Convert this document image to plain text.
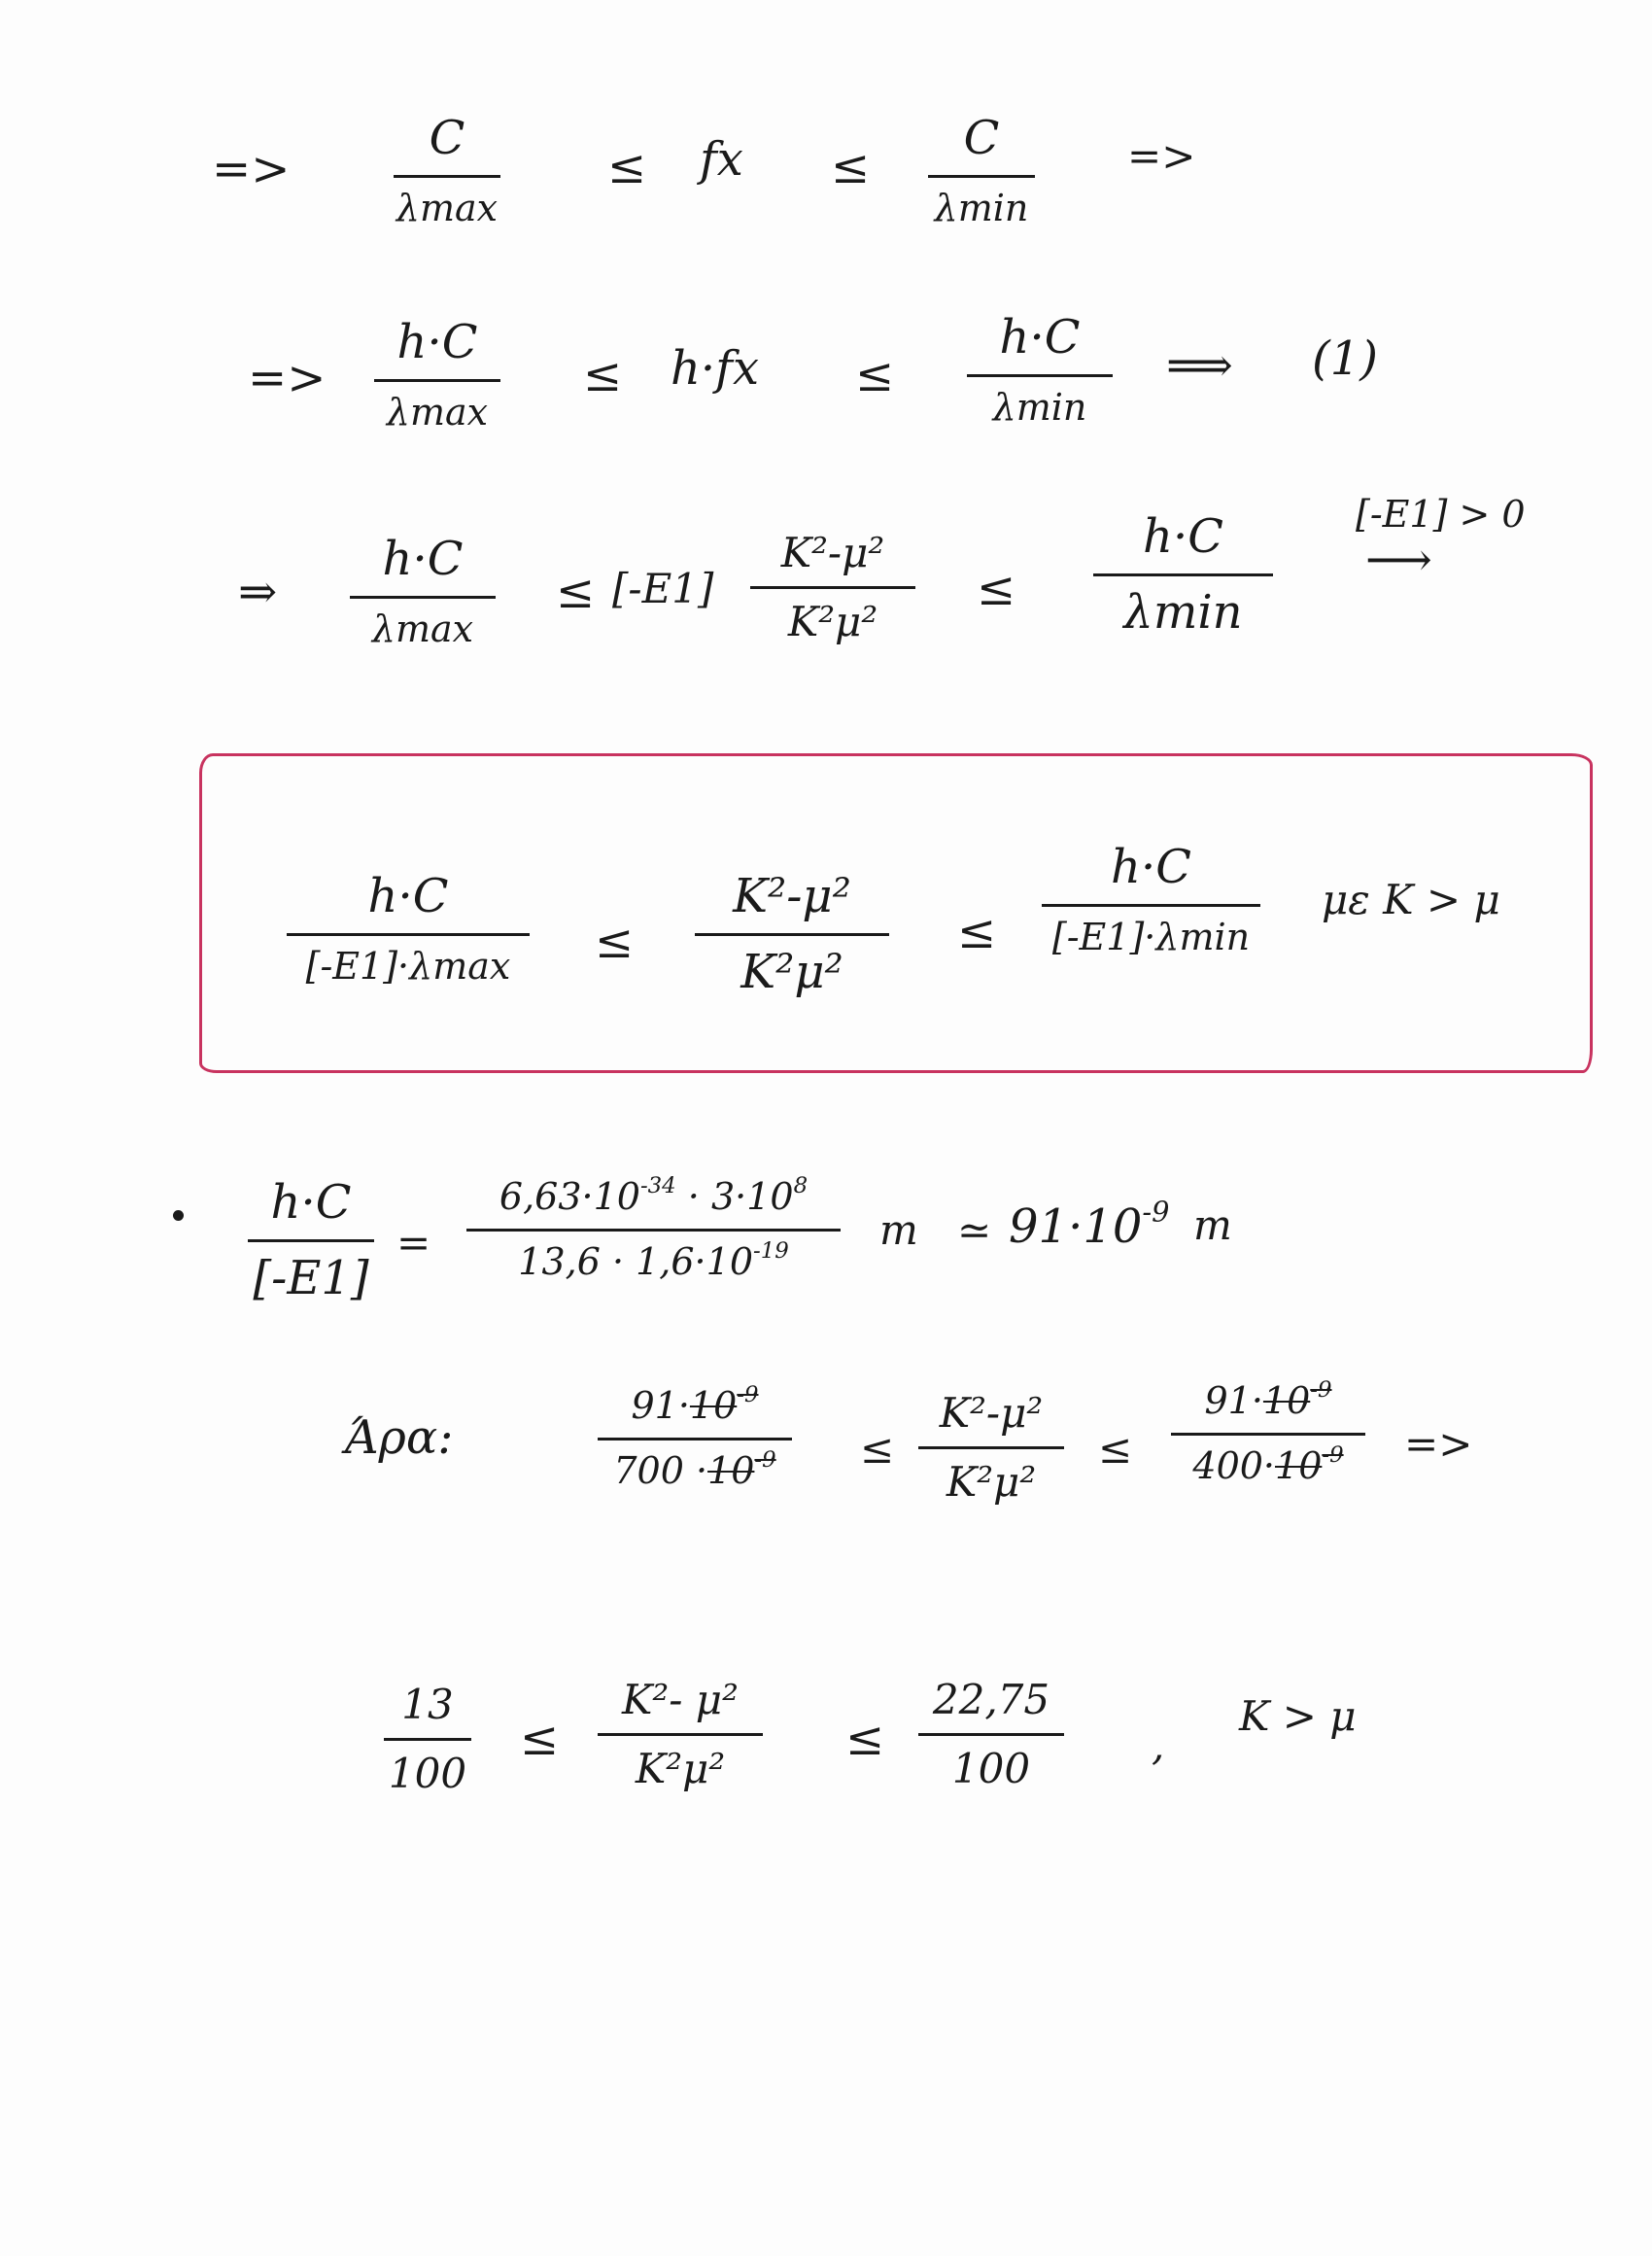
=>
C
λmax
≤ fx ≤
C
λmin
=>
=>
h·C
λmax
≤ h·fx ≤
h·C
λmin
⟹ (1)
⇒
h·C
λmax
≤ [-E1]
K²-μ²
K²μ²
≤
h·C
λmin
[-E1] > 0
⟶
h·C
[-E1]·λmax ≤
K²-μ²
K²μ²
≤
h·C
[-E1]·λmin
με K > μ
h·C
[-E1]
=
$6,63\cdot 10^{-34} \cdot 3\cdot 10^8$
$13,6 \cdot 1,6\cdot 10^{-19}$ m ≃ $91\cdot 10^{-9}$ m
Άρα:
$91\cdot 10^{-9}$
$700 \cdot 10^{-9}$ ≤
K²-μ²
K²μ²
≤
$91\cdot 10^{-9}$
$400\cdot 10^{-9}$ =>
13
100
≤
K²- μ²
K²μ²
≤
22,75
100	,
K > μ
